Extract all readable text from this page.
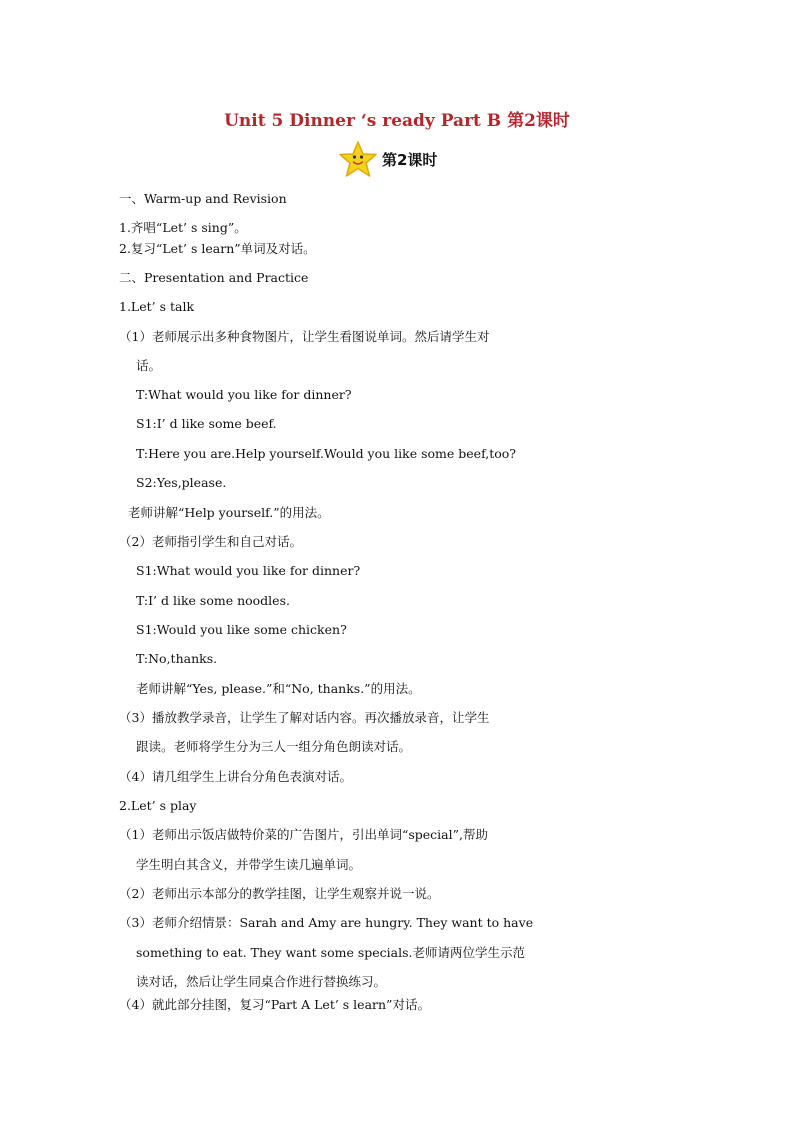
Unit 5 Dinner ‘s ready Part B 第2课时
第2课时
一、Warm-up and Revision
1.齐唱“Let’ s sing”。
2.复习“Let’ s learn”单词及对话。
二、Presentation and Practice
1.Let’ s talk
（1）老师展示出多种食物图片，让学生看图说单词。然后请学生对
话。
T:What would you like for dinner?
S1:I’ d like some beef.
T:Here you are.Help yourself.Would you like some beef,too?
S2:Yes,please.
老师讲解“Help yourself.”的用法。
（2）老师指引学生和自己对话。
S1:What would you like for dinner?
T:I’ d like some noodles.
S1:Would you like some chicken?
T:No,thanks.
老师讲解“Yes, please.”和“No, thanks.”的用法。
（3）播放教学录音，让学生了解对话内容。再次播放录音，让学生
跟读。老师将学生分为三人一组分角色朗读对话。
（4）请几组学生上讲台分角色表演对话。
2.Let’ s play
（1）老师出示饭店做特价菜的广告图片，引出单词“special”,帮助
学生明白其含义，并带学生读几遍单词。
（2）老师出示本部分的教学挂图，让学生观察并说一说。
（3）老师介绍情景：Sarah and Amy are hungry. They want to have
something to eat. They want some specials.老师请两位学生示范
读对话，然后让学生同桌合作进行替换练习。
（4）就此部分挂图，复习“Part A Let’ s learn”对话。
